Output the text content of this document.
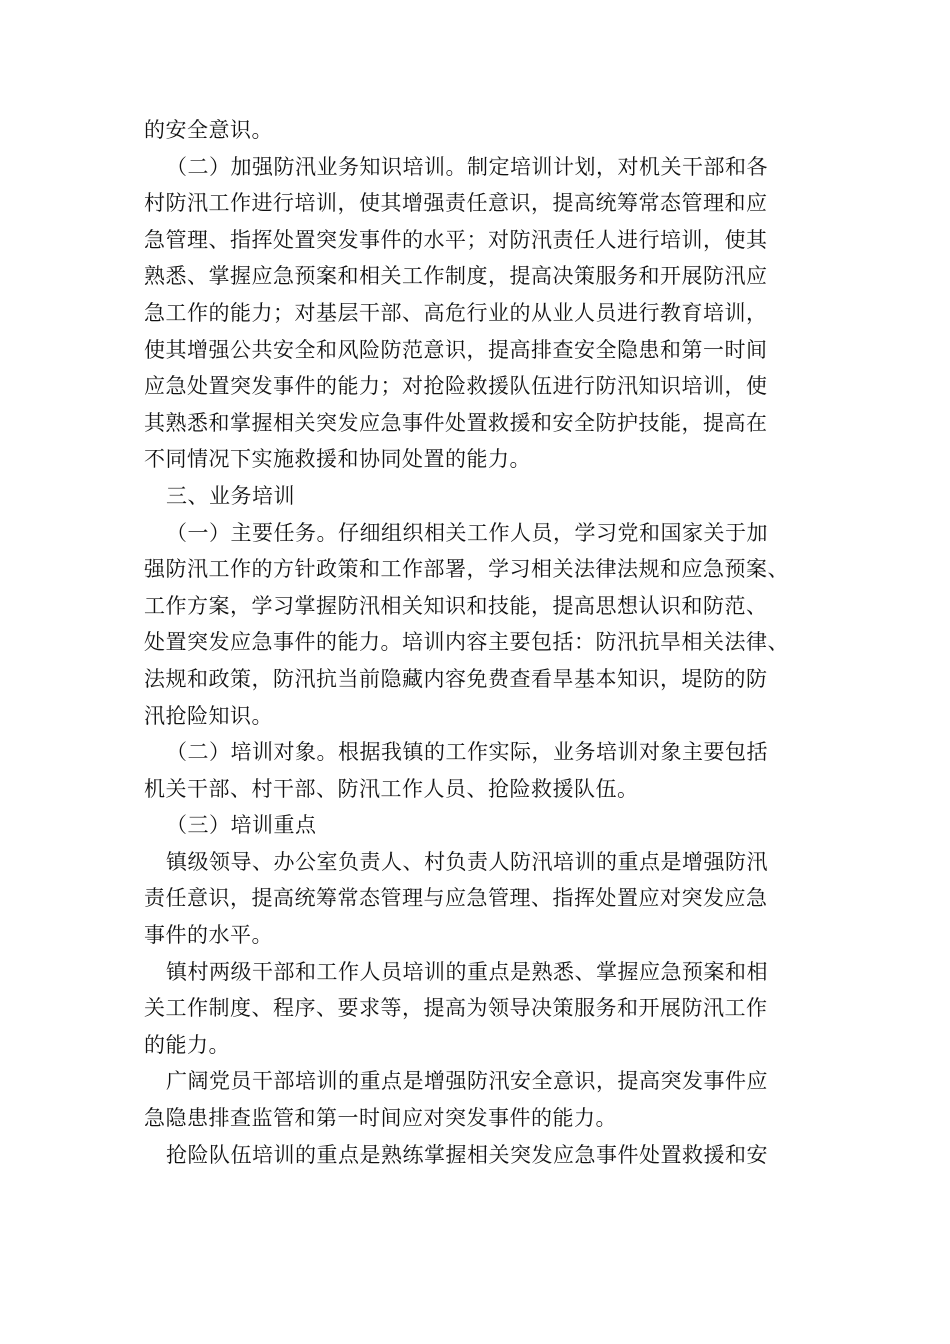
的安全意识。
（二）加强防汛业务知识培训。制定培训计划，对机关干部和各
村防汛工作进行培训，使其增强责任意识，提高统筹常态管理和应
急管理、指挥处置突发事件的水平；对防汛责任人进行培训，使其
熟悉、掌握应急预案和相关工作制度，提高决策服务和开展防汛应
急工作的能力；对基层干部、高危行业的从业人员进行教育培训，
使其增强公共安全和风险防范意识，提高排查安全隐患和第一时间
应急处置突发事件的能力；对抢险救援队伍进行防汛知识培训，使
其熟悉和掌握相关突发应急事件处置救援和安全防护技能，提高在
不同情况下实施救援和协同处置的能力。
三、业务培训
（一）主要任务。仔细组织相关工作人员，学习党和国家关于加
强防汛工作的方针政策和工作部署，学习相关法律法规和应急预案、
工作方案，学习掌握防汛相关知识和技能，提高思想认识和防范、
处置突发应急事件的能力。培训内容主要包括：防汛抗旱相关法律、
法规和政策，防汛抗当前隐藏内容免费查看旱基本知识，堤防的防
汛抢险知识。
（二）培训对象。根据我镇的工作实际，业务培训对象主要包括
机关干部、村干部、防汛工作人员、抢险救援队伍。
（三）培训重点
镇级领导、办公室负责人、村负责人防汛培训的重点是增强防汛
责任意识，提高统筹常态管理与应急管理、指挥处置应对突发应急
事件的水平。
镇村两级干部和工作人员培训的重点是熟悉、掌握应急预案和相
关工作制度、程序、要求等，提高为领导决策服务和开展防汛工作
的能力。
广阔党员干部培训的重点是增强防汛安全意识，提高突发事件应
急隐患排查监管和第一时间应对突发事件的能力。
抢险队伍培训的重点是熟练掌握相关突发应急事件处置救援和安
